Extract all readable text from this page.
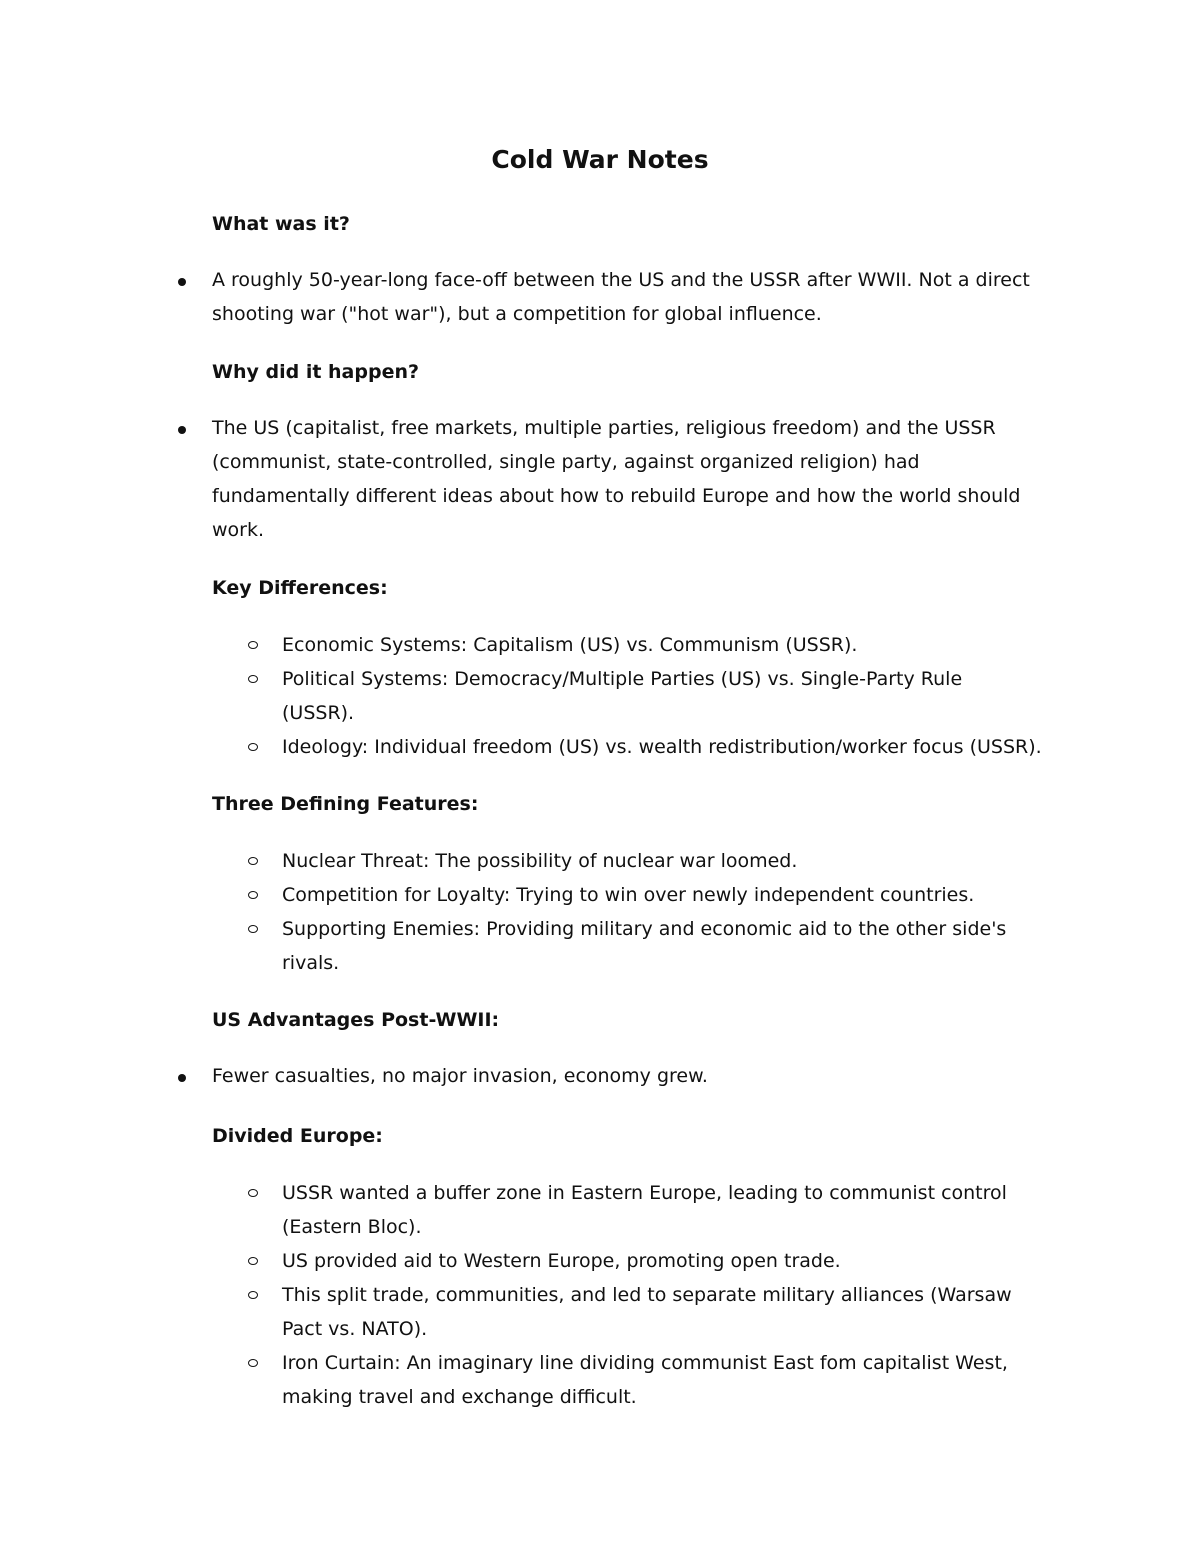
Cold War Notes
What was it?

A roughly 50-year-long face-off between the US and the USSR after WWII. Not a direct shooting war ("hot war"), but a competition for global influence.

Why did it happen?

The US (capitalist, free markets, multiple parties, religious freedom) and the USSR (communist, state-controlled, single party, against organized religion) had fundamentally different ideas about how to rebuild Europe and how the world should work.

Key Differences:

Economic Systems: Capitalism (US) vs. Communism (USSR).

Political Systems: Democracy/Multiple Parties (US) vs. Single-Party Rule (USSR).

Ideology: Individual freedom (US) vs. wealth redistribution/worker focus (USSR).

Three Defining Features:

Nuclear Threat: The possibility of nuclear war loomed.

Competition for Loyalty: Trying to win over newly independent countries.

Supporting Enemies: Providing military and economic aid to the other side's rivals.

US Advantages Post-WWII:

Fewer casualties, no major invasion, economy grew.

Divided Europe:

USSR wanted a buffer zone in Eastern Europe, leading to communist control (Eastern Bloc).

US provided aid to Western Europe, promoting open trade.

This split trade, communities, and led to separate military alliances (Warsaw Pact vs. NATO).

Iron Curtain: An imaginary line dividing communist East fom capitalist West, making travel and exchange difficult.
